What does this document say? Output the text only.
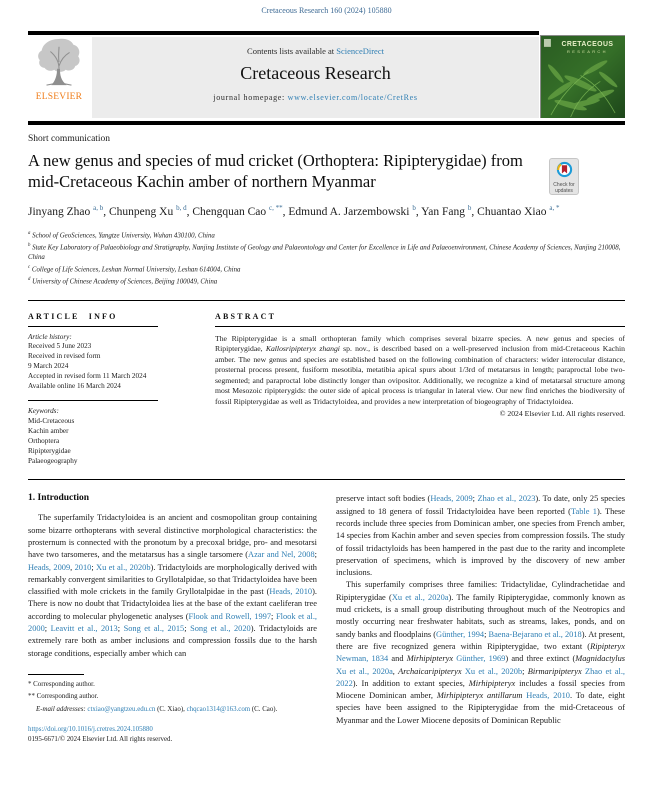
Cretaceous Research 160 (2024) 105880
ELSEVIER
Contents lists available at ScienceDirect
Cretaceous Research
journal homepage: www.elsevier.com/locate/CretRes
CRETACEOUS
RESEARCH
Short communication
A new genus and species of mud cricket (Orthoptera: Ripipterygidae) from mid-Cretaceous Kachin amber of northern Myanmar	Check for
updates
Jinyang Zhao $^{a, b}$, Chunpeng Xu $^{b, d}$, Chengquan Cao $^{c, **}$, Edmund A. Jarzembowski $^b$, Yan Fang $^b$, Chuantao Xiao $^{a, *}$
$^a$ School of GeoSciences, Yangtze University, Wuhan 430100, China
$^b$ State Key Laboratory of Palaeobiology and Stratigraphy, Nanjing Institute of Geology and Palaeontology and Center for Excellence in Life and Palaeoenvironment, Chinese Academy of Sciences, Nanjing 210008, China
$^c$ College of Life Sciences, Leshan Normal University, Leshan 614004, China
$^d$ University of Chinese Academy of Sciences, Beijing 100049, China
ARTICLE INFO
Article history:
Received 5 June 2023
Received in revised form
9 March 2024
Accepted in revised form 11 March 2024
Available online 16 March 2024
Keywords:
Mid-Cretaceous
Kachin amber
Orthoptera
Ripipterygidae
Palaeogeography
ABSTRACT
The Ripipterygidae is a small orthopteran family which comprises several bizarre species. A new genus and species of Ripipterygidae, Kallosripipteryx zhangi sp. nov., is described based on a well-preserved inclusion from mid-Cretaceous Kachin amber. The new genus and species are established based on the following combination of characters: wider interocular distance, prosternal process present, fusiform mesotibia, metatibia apical spurs about 1/3rd of metatarsus in length; paraproctal lobe two-segmented; and paraproctal lobe distinctly longer than ovipositor. Additionally, we recognize a kind of metatarsal structure among most Mesozoic ripipterygids: the outer side of apical process is triangular in lateral view. Our new find enriches the biodiversity of fossil Ripipterygidae as well as Tridactyloidea, and provides a new interpretation of biogeography of Tridactyloidea.
© 2024 Elsevier Ltd. All rights reserved.
1. Introduction
The superfamily Tridactyloidea is an ancient and cosmopolitan group containing some bizarre orthopterans with several distinctive morphological characteristics: the prosternum is connected with the pronotum by a precoxal bridge, pro- and mesotarsi have two tarsomeres, and the metatarsus has a single tarsomere (Azar and Nel, 2008; Heads, 2009, 2010; Xu et al., 2020b). Tridactyloids are morphologically derived with remarkably convergent similarities to Gryllotalpidae, so that Tridactyloidea have been classified with mole crickets in the family Gryllotalpidae in the past (Heads, 2010). There is now no doubt that Tridactyloidea lies at the base of the extant caeliferan tree according to molecular phylogenetic analyses (Flook and Rowell, 1997; Flook et al., 2000; Leavitt et al., 2013; Song et al., 2015; Song et al., 2020). Tridactyloids are extremely rare both as amber inclusions and compression fossils due to the harsh storage conditions, especially amber which can
* Corresponding author.
** Corresponding author.
E-mail addresses: ctxiao@yangtzeu.edu.cn (C. Xiao), chqcao1314@163.com (C. Cao).
https://doi.org/10.1016/j.cretres.2024.105880
0195-6671/© 2024 Elsevier Ltd. All rights reserved.
preserve intact soft bodies (Heads, 2009; Zhao et al., 2023). To date, only 25 species assigned to 18 genera of fossil Tridactyloidea have been reported (Table 1). These records include three species from Dominican amber, one species from French amber, 14 species from Kachin amber and seven species from compression fossils. The study of fossil tridactyloids has been hampered in the past due to the rarity and incomplete preservation of specimens, which is improved by the discovery of new amber inclusions.
This superfamily comprises three families: Tridactylidae, Cylindrachetidae and Ripipterygidae (Xu et al., 2020a). The family Ripipterygidae, commonly known as mud crickets, is a small group distributing throughout much of the Neotropics and mostly occurring near freshwater habitats, such as streams, lakes, ponds, and on sandy banks and floodplains (Günther, 1994; Baena-Bejarano et al., 2018). At present, there are five recognized genera within Ripipterygidae, two extant (Ripipteryx Newman, 1834 and Mirhipipteryx Günther, 1969) and three extinct (Magnidactylus Xu et al., 2020a, Archaicaripipteryx Xu et al., 2020b; Birmaripipteryx Zhao et al., 2022). In addition to extant species, Mirhipipteryx includes a fossil species from Miocene Dominican amber, Mirhipipteryx antillarum Heads, 2010. To date, eight species have been assigned to the Ripipterygidae from the mid-Cretaceous of Myanmar and the Lower Miocene deposits of Dominican Republic
